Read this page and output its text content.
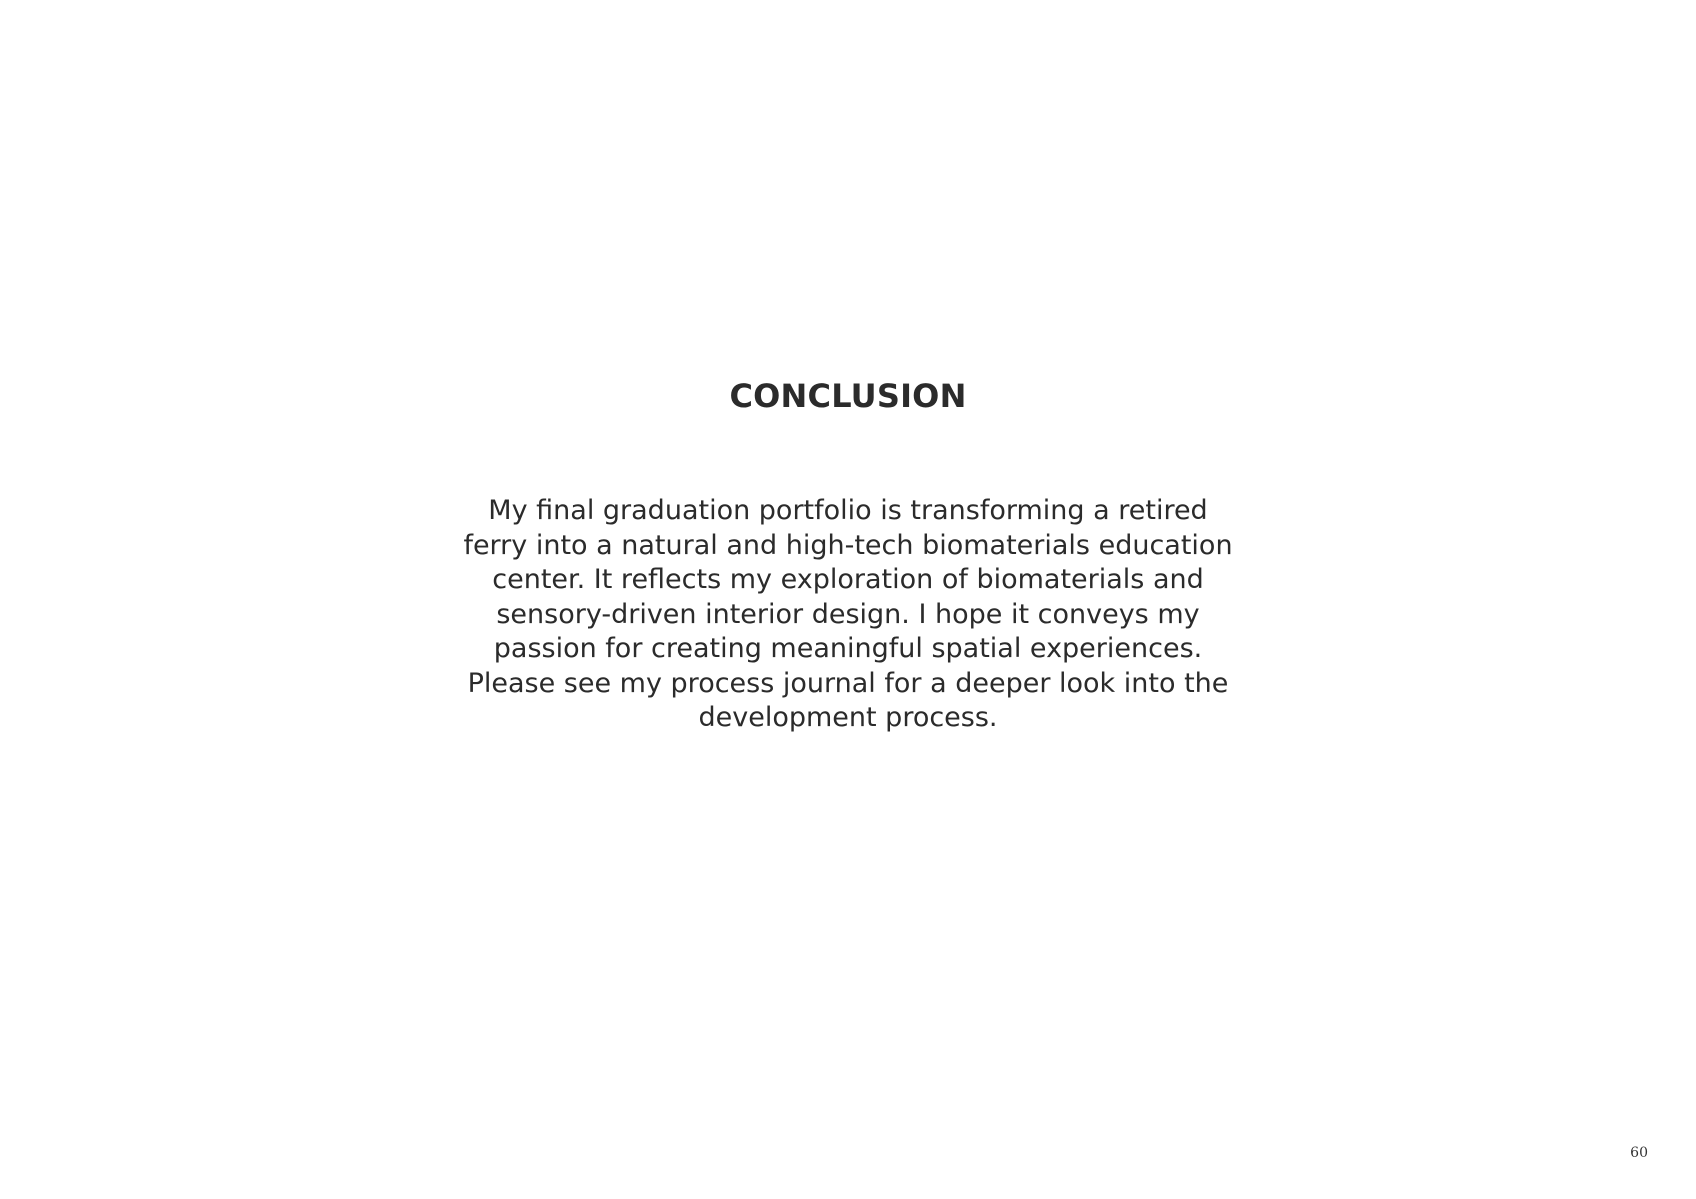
CONCLUSION

My final graduation portfolio is transforming a retired
ferry into a natural and high-tech biomaterials education
center. It reflects my exploration of biomaterials and
sensory-driven interior design. I hope it conveys my
passion for creating meaningful spatial experiences.
Please see my process journal for a deeper look into the
development process.

60
